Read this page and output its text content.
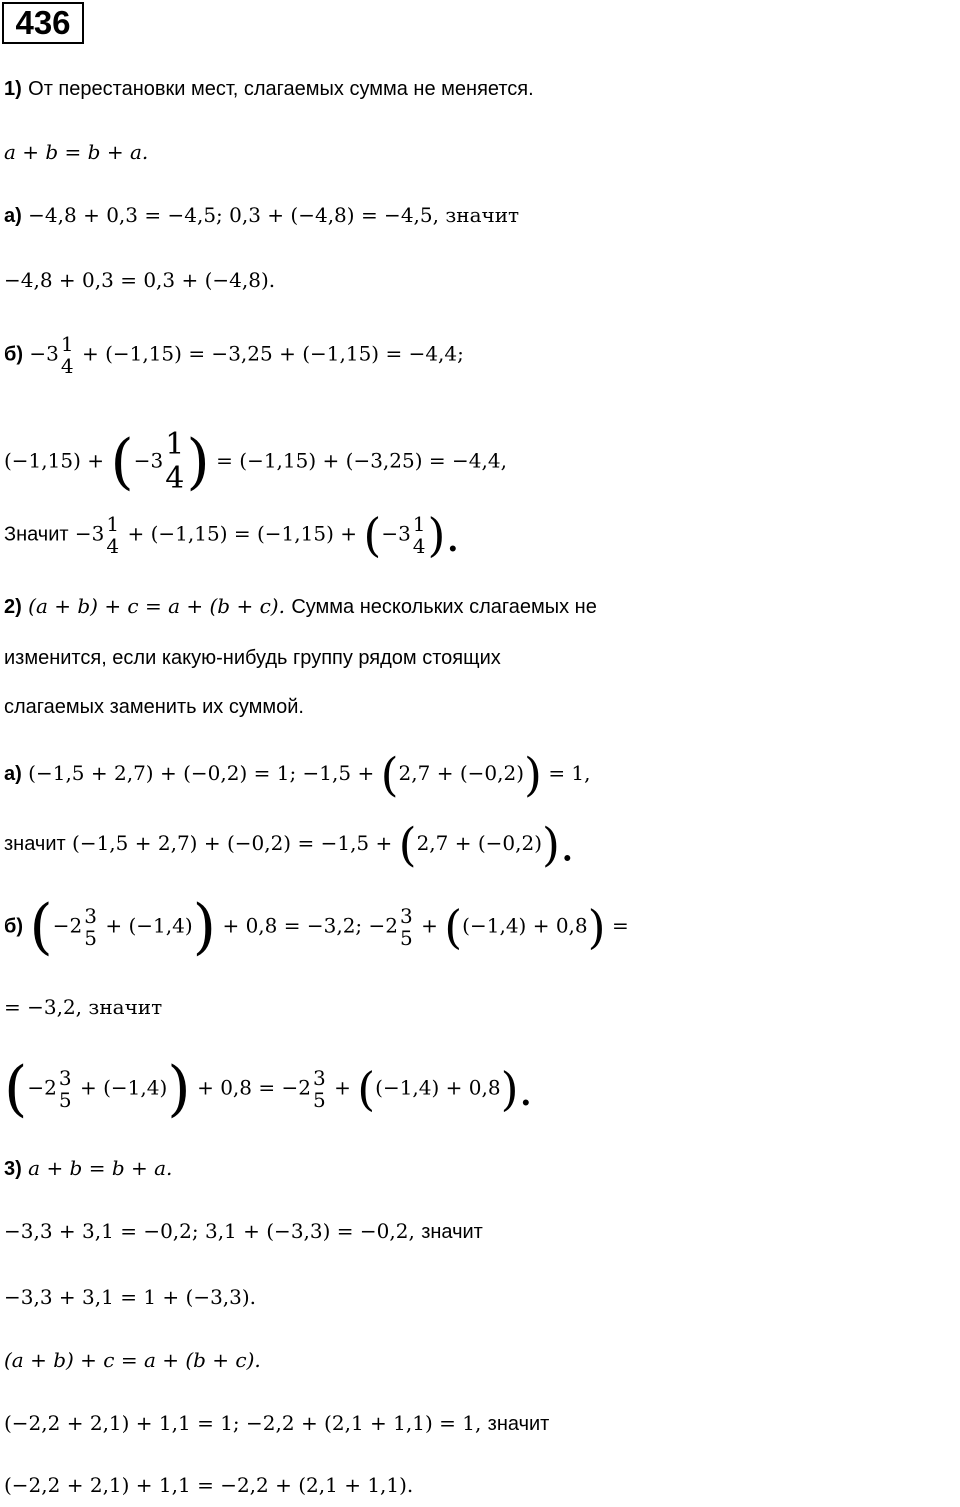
436
1) От перестановки мест, слагаемых сумма не меняется.
a + b = b + a.
а) −4,8 + 0,3 = −4,5; 0,3 + (−4,8) = −4,5, значит
−4,8 + 0,3 = 0,3 + (−4,8).
б) −3 1
4
+ (−1,15) = −3,25 + (−1,15) = −4,4;
(−1,15) + (−3 1
4 ) = (−1,15) + (−3,25) = −4,4,
Значит −3 1
4
+ (−1,15) = (−1,15) + (−3 1
4 ).
2) (a + b) + c = a + (b + c). Сумма нескольких слагаемых не
изменится, если какую-нибудь группу рядом стоящих
слагаемых заменить их суммой.
а) (−1,5 + 2,7) + (−0,2) = 1; −1,5 + (2,7 + (−0,2)) = 1,
значит (−1,5 + 2,7) + (−0,2) = −1,5 + (2,7 + (−0,2)).
б) (−2 3
5
+ (−1,4)) + 0,8 = −3,2; −2 3
5
+ ((−1,4) + 0,8) =
= −3,2, значит
(−2 3
5
+ (−1,4)) + 0,8 = −2 3
5
+ ((−1,4) + 0,8).
3) a + b = b + a.
−3,3 + 3,1 = −0,2; 3,1 + (−3,3) = −0,2, значит
−3,3 + 3,1 = 1 + (−3,3).
(a + b) + c = a + (b + c).
(−2,2 + 2,1) + 1,1 = 1; −2,2 + (2,1 + 1,1) = 1, значит
(−2,2 + 2,1) + 1,1 = −2,2 + (2,1 + 1,1).
